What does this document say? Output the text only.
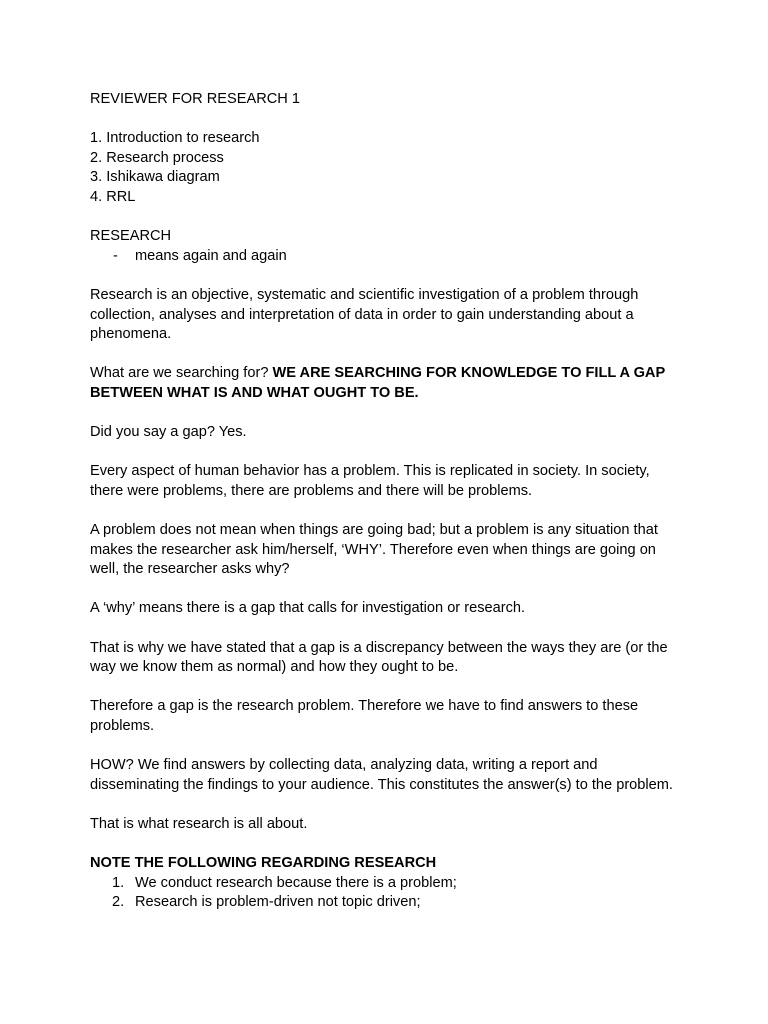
REVIEWER FOR RESEARCH 1
1. Introduction to research
2. Research process
3. Ishikawa diagram
4. RRL
RESEARCH
- means again and again
Research is an objective, systematic and scientific investigation of a problem through
collection, analyses and interpretation of data in order to gain understanding about a
phenomena.
What are we searching for? WE ARE SEARCHING FOR KNOWLEDGE TO FILL A GAP
BETWEEN WHAT IS AND WHAT OUGHT TO BE.
Did you say a gap? Yes.
Every aspect of human behavior has a problem. This is replicated in society. In society,
there were problems, there are problems and there will be problems.
A problem does not mean when things are going bad; but a problem is any situation that
makes the researcher ask him/herself, ‘WHY’. Therefore even when things are going on
well, the researcher asks why?
A ‘why’ means there is a gap that calls for investigation or research.
That is why we have stated that a gap is a discrepancy between the ways they are (or the
way we know them as normal) and how they ought to be.
Therefore a gap is the research problem. Therefore we have to find answers to these
problems.
HOW? We find answers by collecting data, analyzing data, writing a report and
disseminating the findings to your audience. This constitutes the answer(s) to the problem.
That is what research is all about.
NOTE THE FOLLOWING REGARDING RESEARCH
1. We conduct research because there is a problem;
2. Research is problem-driven not topic driven;
